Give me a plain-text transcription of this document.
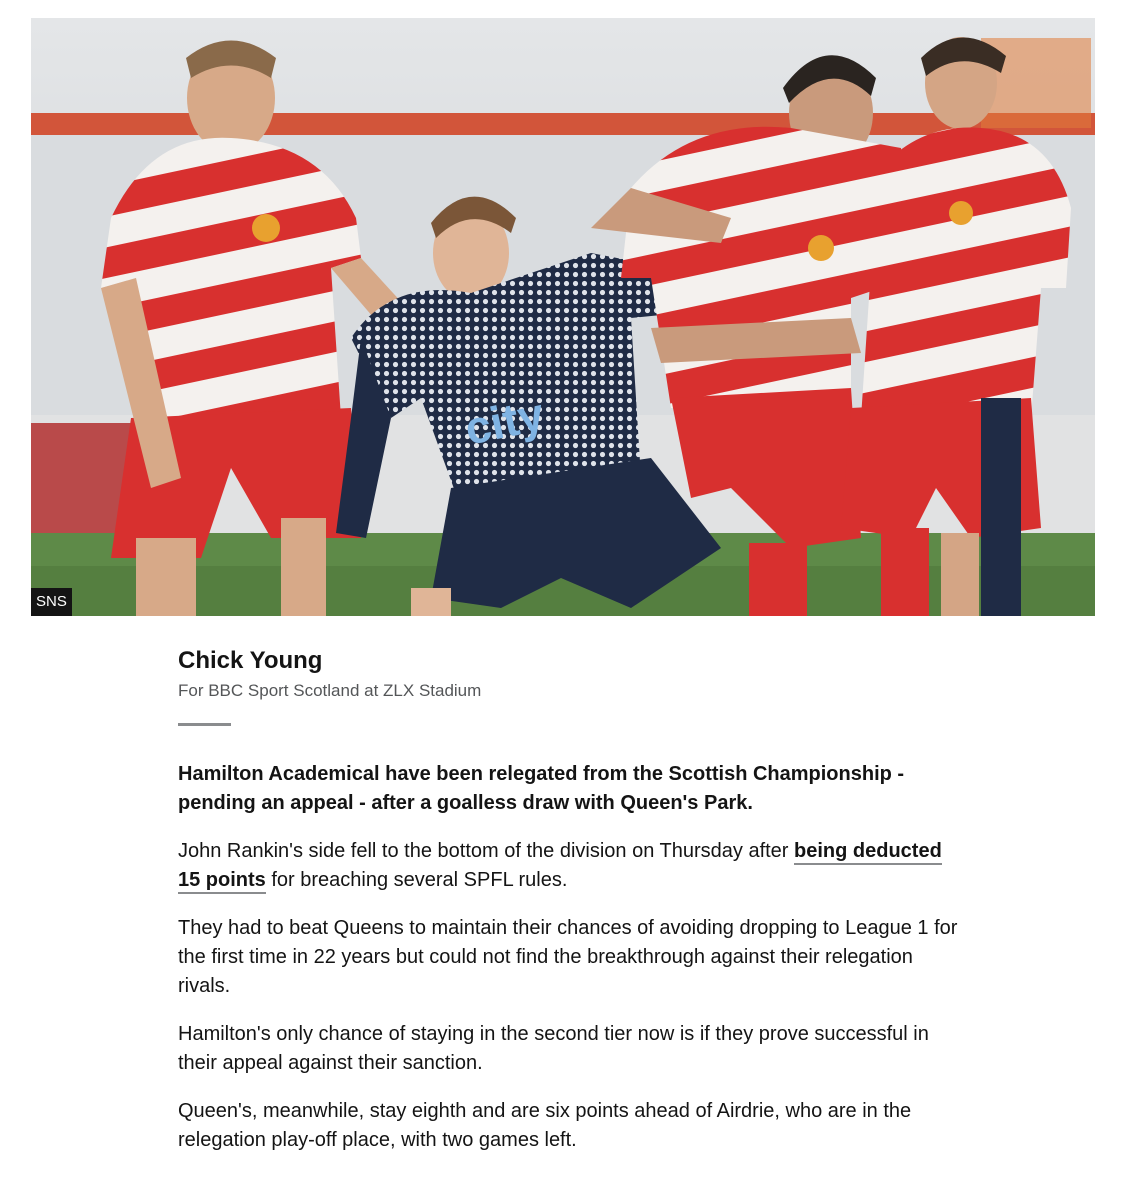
city
SNS

Chick Young

For BBC Sport Scotland at ZLX Stadium

Hamilton Academical have been relegated from the Scottish Championship - pending an appeal - after a goalless draw with Queen's Park.

John Rankin's side fell to the bottom of the division on Thursday after being deducted 15 points for breaching several SPFL rules.

They had to beat Queens to maintain their chances of avoiding dropping to League 1 for the first time in 22 years but could not find the breakthrough against their relegation rivals.

Hamilton's only chance of staying in the second tier now is if they prove successful in their appeal against their sanction.

Queen's, meanwhile, stay eighth and are six points ahead of Airdrie, who are in the relegation play-off place, with two games left.
